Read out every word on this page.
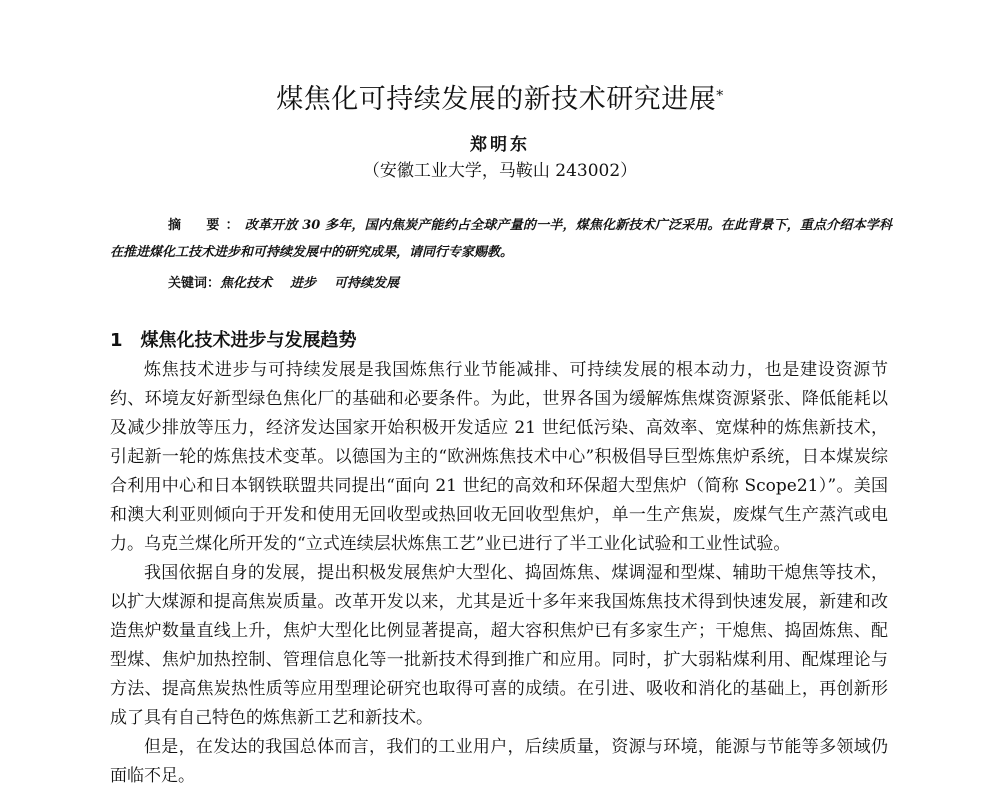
煤焦化可持续发展的新技术研究进展*
郑明东
（安徽工业大学，马鞍山 243002）
摘　要：改革开放 30 多年，国内焦炭产能约占全球产量的一半，煤焦化新技术广泛采用。在此背景下，重点介绍本学科在推进煤化工技术进步和可持续发展中的研究成果，请同行专家赐教。
关键词：焦化技术 进步 可持续发展
1 煤焦化技术进步与发展趋势

炼焦技术进步与可持续发展是我国炼焦行业节能减排、可持续发展的根本动力，也是建设资源节约、环境友好新型绿色焦化厂的基础和必要条件。为此，世界各国为缓解炼焦煤资源紧张、降低能耗以及减少排放等压力，经济发达国家开始积极开发适应 21 世纪低污染、高效率、宽煤种的炼焦新技术，引起新一轮的炼焦技术变革。以德国为主的“欧洲炼焦技术中心”积极倡导巨型炼焦炉系统，日本煤炭综合利用中心和日本钢铁联盟共同提出“面向 21 世纪的高效和环保超大型焦炉（简称 Scope21）”。美国和澳大利亚则倾向于开发和使用无回收型或热回收无回收型焦炉，单一生产焦炭，废煤气生产蒸汽或电力。乌克兰煤化所开发的“立式连续层状炼焦工艺”业已进行了半工业化试验和工业性试验。

我国依据自身的发展，提出积极发展焦炉大型化、捣固炼焦、煤调湿和型煤、辅助干熄焦等技术，以扩大煤源和提高焦炭质量。改革开发以来，尤其是近十多年来我国炼焦技术得到快速发展，新建和改造焦炉数量直线上升，焦炉大型化比例显著提高，超大容积焦炉已有多家生产；干熄焦、捣固炼焦、配型煤、焦炉加热控制、管理信息化等一批新技术得到推广和应用。同时，扩大弱粘煤利用、配煤理论与方法、提高焦炭热性质等应用型理论研究也取得可喜的成绩。在引进、吸收和消化的基础上，再创新形成了具有自己特色的炼焦新工艺和新技术。

但是，在发达的我国总体而言，我们的工业用户，后续质量，资源与环境，能源与节能等多领域仍面临不足。
